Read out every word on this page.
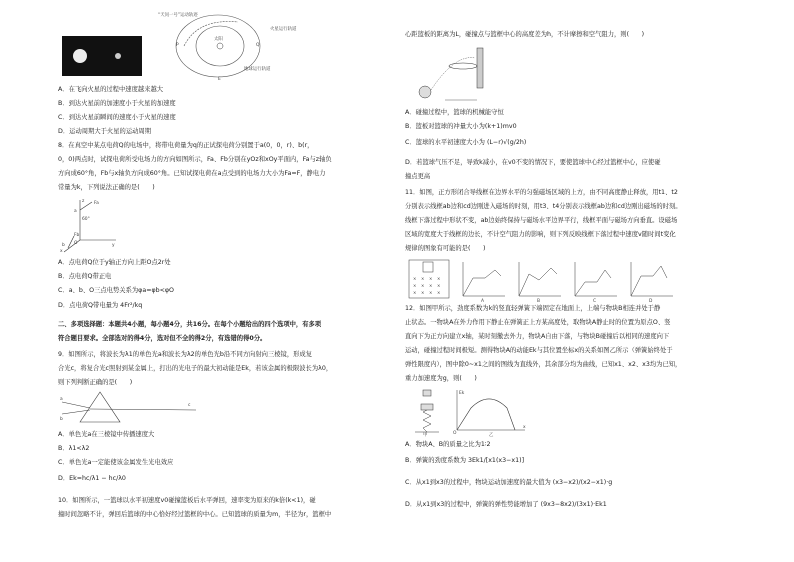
“天问一号”运动轨迹
火星运行轨道
太阳
地球运行轨道
P	Q
E

A．在飞向火星的过程中速度越来越大

B．到达火星前的加速度小于火星的加速度

C．到达火星前瞬间的速度小于火星的速度

D．运动周期大于火星的运动周期

8．在真空中某点电荷Q的电场中，将带电荷量为q的正试探电荷分别置于a(0，0，r)、b(r，

0，0)两点时，试探电荷所受电场力的方向如图所示，Fa、Fb分别在yOz和xOy平面内，Fa与z轴负

方向成60°角，Fb与x轴负方向成60°角。已知试探电荷在a点受到的电场力大小为Fa=F，静电力

常量为k，下列说法正确的是(　　)

z
y
x
O
a
b
Fa
Fb
60°

A．点电荷Q位于y轴正方向上距O点2r处

B．点电荷Q带正电

C．a、b、O三点电势关系为φa=φb<φO

D．点电荷Q带电量为 4Fr²/kq

二、多项选择题：本题共4小题，每小题4分，共16分。在每个小题给出的四个选项中，有多项

符合题目要求。全部选对的得4分，选对但不全的得2分，有选错的得0分。

9．如图所示，将波长为λ1的单色光a和波长为λ2的单色光b沿不同方向射向三棱镜，形成复

合光c，将复合光c照射到某金属上，打出的光电子的最大初动能是Ek，若该金属的极限波长为λ0，

则下列判断正确的是(　　)

a
b
c

A．单色光a在三棱镜中传播速度大

B．λ1<λ2

C．单色光a一定能使该金属发生光电效应

D．Ek=hc/λ1 − hc/λ0

10．如图所示，一篮球以水平初速度v0碰撞篮板后水平弹回，速率变为原来的k倍(k<1)，碰

撞时间忽略不计，弹回后篮球的中心恰好经过篮框的中心。已知篮球的质量为m，半径为r，篮框中

心距篮板的距离为L，碰撞点与篮框中心的高度差为h，不计摩擦和空气阻力，则(　　)

A．碰撞过程中，篮球的机械能守恒

B．篮板对篮球的冲量大小为(k+1)mv0

C．篮球的水平初速度大小为 (L−r)√(g/2h)

D．若篮球气压不足，导致k减小，在v0不变的情况下，要使篮球中心经过篮框中心，应使碰

撞点更高

11．如图，正方形闭合导线框在边界水平的匀强磁场区域的上方，由不同高度静止释放，用t1、t2

分别表示线框ab边和cd边刚进入磁场的时刻，用t3、t4分别表示线框ab边和cd边刚出磁场的时刻。

线框下落过程中形状不变，ab边始终保持与磁场水平边界平行，线框平面与磁场方向垂直。设磁场

区域的宽度大于线框的边长，不计空气阻力的影响，则下列反映线框下落过程中速度v随时间t变化

规律的图象有可能的是(　　)

× × × ×
× × × ×
× × × ×
A	B	C	D

12．如图甲所示，劲度系数为k的竖直轻弹簧下端固定在地面上，上端与物块B相连并处于静

止状态。一物块A在外力作用下静止在弹簧正上方某高度处，取物块A静止时的位置为原点O、竖

直向下为正方向建立x轴，某时刻撤去外力，物块A自由下落，与物块B碰撞后以相同的速度向下

运动，碰撞过程时间极短。测得物块A的动能Ek与其位置坐标x的关系如图乙所示（弹簧始终处于

弹性限度内），图中除0~x1之间的图线为直线外，其余部分均为曲线，已知x1、x2、x3均为已知，

重力加速度为g，则(　　)

甲	乙
Ek
x
O

A．物块A、B的质量之比为1∶2

B．弹簧的劲度系数为 3Ek1/[x1(x3−x1)]

C．从x1到x3的过程中，物块运动加速度的最大值为 (x3−x2)/(x2−x1)·g

D．从x1到x3的过程中，弹簧的弹性势能增加了 (9x3−8x2)/(3x1)·Ek1
